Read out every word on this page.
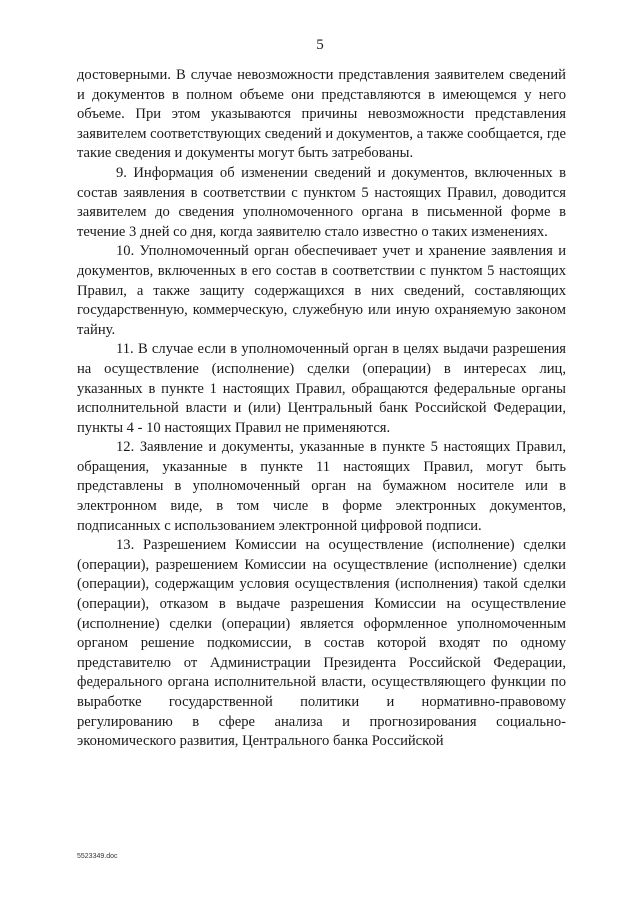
5

достоверными. В случае невозможности представления заявителем сведений и документов в полном объеме они представляются в имеющемся у него объеме. При этом указываются причины невозможности представления заявителем соответствующих сведений и документов, а также сообщается, где такие сведения и документы могут быть затребованы.

9. Информация об изменении сведений и документов, включенных в состав заявления в соответствии с пунктом 5 настоящих Правил, доводится заявителем до сведения уполномоченного органа в письменной форме в течение 3 дней со дня, когда заявителю стало известно о таких изменениях.

10. Уполномоченный орган обеспечивает учет и хранение заявления и документов, включенных в его состав в соответствии с пунктом 5 настоящих Правил, а также защиту содержащихся в них сведений, составляющих государственную, коммерческую, служебную или иную охраняемую законом тайну.

11. В случае если в уполномоченный орган в целях выдачи разрешения на осуществление (исполнение) сделки (операции) в интересах лиц, указанных в пункте 1 настоящих Правил, обращаются федеральные органы исполнительной власти и (или) Центральный банк Российской Федерации, пункты 4 - 10 настоящих Правил не применяются.

12. Заявление и документы, указанные в пункте 5 настоящих Правил, обращения, указанные в пункте 11 настоящих Правил, могут быть представлены в уполномоченный орган на бумажном носителе или в электронном виде, в том числе в форме электронных документов, подписанных с использованием электронной цифровой подписи.

13. Разрешением Комиссии на осуществление (исполнение) сделки (операции), разрешением Комиссии на осуществление (исполнение) сделки (операции), содержащим условия осуществления (исполнения) такой сделки (операции), отказом в выдаче разрешения Комиссии на осуществление (исполнение) сделки (операции) является оформленное уполномоченным органом решение подкомиссии, в состав которой входят по одному представителю от Администрации Президента Российской Федерации, федерального органа исполнительной власти, осуществляющего функции по выработке государственной политики и нормативно-правовому регулированию в сфере анализа и прогнозирования социально-экономического развития, Центрального банка Российской

5523349.doc
